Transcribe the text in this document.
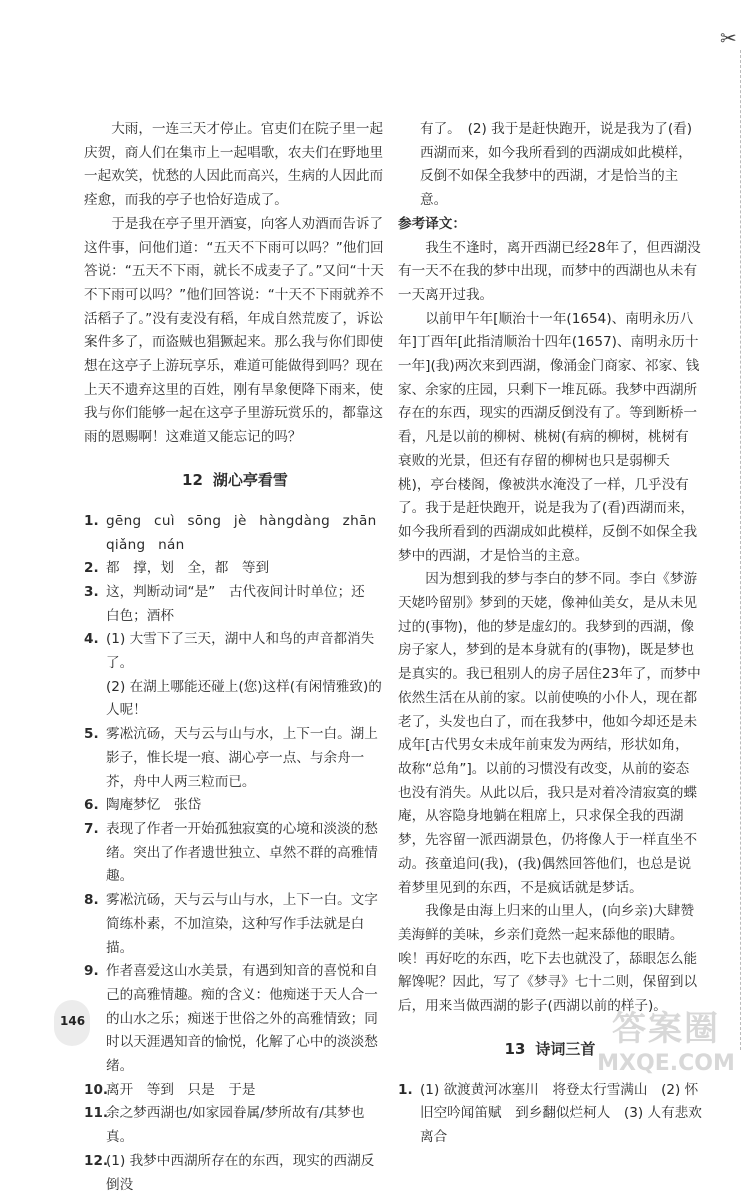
✂

大雨，一连三天才停止。官吏们在院子里一起庆贺，商人们在集市上一起唱歌，农夫们在野地里一起欢笑，忧愁的人因此而高兴，生病的人因此而痊愈，而我的亭子也恰好造成了。

于是我在亭子里开酒宴，向客人劝酒而告诉了这件事，问他们道：“五天不下雨可以吗？”他们回答说：“五天不下雨，就长不成麦子了。”又问“十天不下雨可以吗？”他们回答说：“十天不下雨就养不活稻子了。”没有麦没有稻，年成自然荒废了，诉讼案件多了，而盗贼也猖獗起来。那么我与你们即使想在这亭子上游玩享乐，难道可能做得到吗？现在上天不遗弃这里的百姓，刚有旱象便降下雨来，使我与你们能够一起在这亭子里游玩赏乐的，都靠这雨的恩赐啊！这难道又能忘记的吗？

12 湖心亭看雪
1. gēng cuì sōng jè hàngdàng zhān qiǎng nán
2. 都　撑，划　全，都　等到
3. 这，判断动词“是”　古代夜间计时单位；还　白色；酒杯
4. (1) 大雪下了三天，湖中人和鸟的声音都消失了。
(2) 在湖上哪能还碰上(您)这样(有闲情雅致)的人呢！
5. 雾凇沆砀，天与云与山与水，上下一白。湖上影子，惟长堤一痕、湖心亭一点、与余舟一芥，舟中人两三粒而已。
6. 陶庵梦忆　张岱
7. 表现了作者一开始孤独寂寞的心境和淡淡的愁绪。突出了作者遗世独立、卓然不群的高雅情趣。
8. 雾凇沆砀，天与云与山与水，上下一白。文字简练朴素，不加渲染，这种写作手法就是白描。
9. 作者喜爱这山水美景，有遇到知音的喜悦和自己的高雅情趣。痴的含义：他痴迷于天人合一的山水之乐；痴迷于世俗之外的高雅情致；同时以天涯遇知音的愉悦，化解了心中的淡淡愁绪。
10.
离开　等到　只是　于是
11.
余之梦西湖也/如家园眷属/梦所故有/其梦也真。
12.
(1) 我梦中西湖所存在的东西，现实的西湖反倒没

有了。　(2) 我于是赶快跑开，说是我为了(看)西湖而来，如今我所看到的西湖成如此模样，反倒不如保全我梦中的西湖，才是恰当的主意。

参考译文：

我生不逢时，离开西湖已经28年了，但西湖没有一天不在我的梦中出现，而梦中的西湖也从未有一天离开过我。

以前甲午年[顺治十一年(1654)、南明永历八年]丁酉年[此指清顺治十四年(1657)、南明永历十一年](我)两次来到西湖，像涌金门商家、祁家、钱家、余家的庄园，只剩下一堆瓦砾。我梦中西湖所存在的东西，现实的西湖反倒没有了。等到断桥一看，凡是以前的柳树、桃树(有病的柳树，桃树有衰败的光景，但还有存留的柳树也只是弱柳夭桃)，亭台楼阁，像被洪水淹没了一样，几乎没有了。我于是赶快跑开，说是我为了(看)西湖而来，如今我所看到的西湖成如此模样，反倒不如保全我梦中的西湖，才是恰当的主意。

因为想到我的梦与李白的梦不同。李白《梦游天姥吟留别》梦到的天姥，像神仙美女，是从未见过的(事物)，他的梦是虚幻的。我梦到的西湖，像房子家人，梦到的是本身就有的(事物)，既是梦也是真实的。我已租别人的房子居住23年了，而梦中依然生活在从前的家。以前使唤的小仆人，现在都老了，头发也白了，而在我梦中，他如今却还是未成年[古代男女未成年前束发为两结，形状如角，故称“总角”]。以前的习惯没有改变，从前的姿态也没有消失。从此以后，我只是对着冷清寂寞的蝶庵，从容隐身地躺在粗席上，只求保全我的西湖梦，先容留一派西湖景色，仍将像人于一样直坐不动。孩童追问(我)，(我)偶然回答他们，也总是说着梦里见到的东西，不是疯话就是梦话。

我像是由海上归来的山里人，(向乡亲)大肆赞美海鲜的美味，乡亲们竟然一起来舔他的眼睛。唉！再好吃的东西，吃下去也就没了，舔眼怎么能解馋呢？因此，写了《梦寻》七十二则，保留到以后，用来当做西湖的影子(西湖以前的样子)。

13 诗词三首
1. (1) 欲渡黄河冰塞川　将登太行雪满山　(2) 怀旧空吟闻笛赋　到乡翻似烂柯人　(3) 人有悲欢离合
146	答案圈
MXQE.COM
